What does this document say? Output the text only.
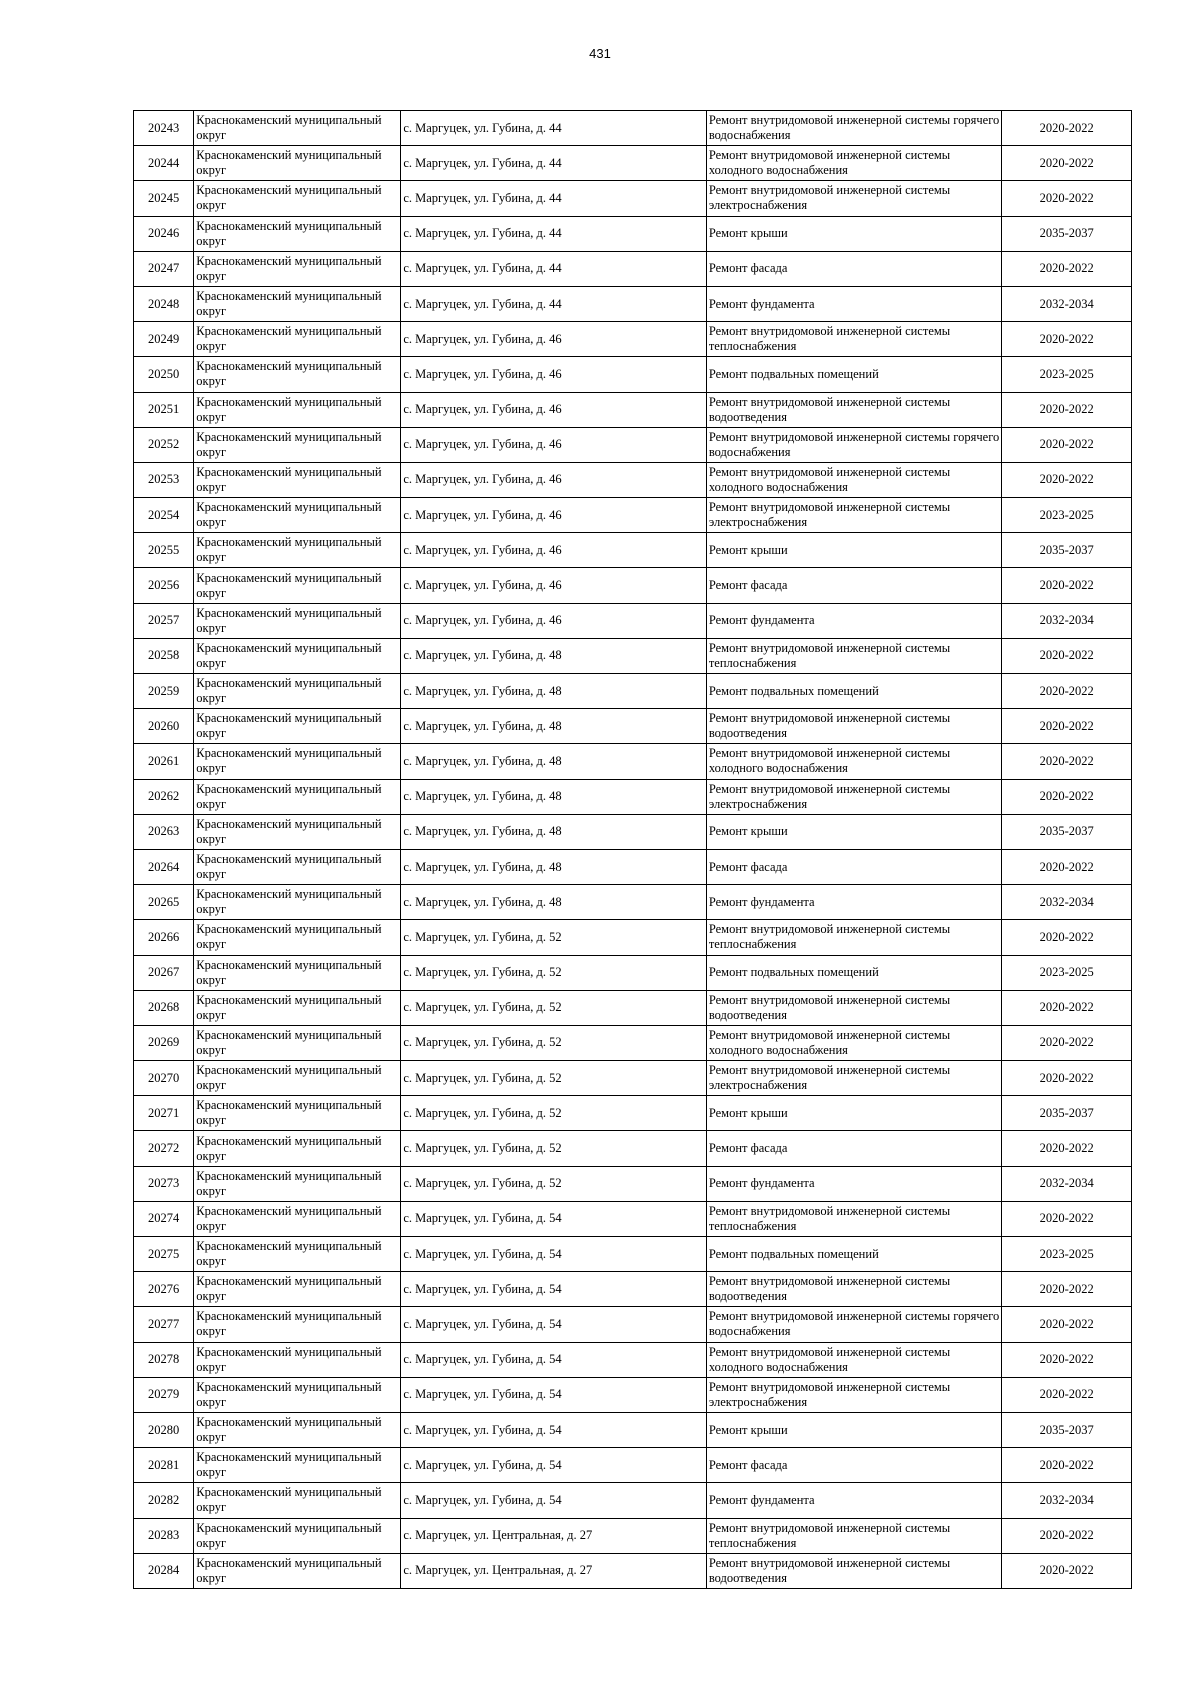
431
20243	Краснокаменский муниципальный округ	с. Маргуцек, ул. Губина, д. 44	Ремонт внутридомовой инженерной системы горячего водоснабжения	2020-2022
20244	Краснокаменский муниципальный округ	с. Маргуцек, ул. Губина, д. 44	Ремонт внутридомовой инженерной системы холодного водоснабжения	2020-2022
20245	Краснокаменский муниципальный округ	с. Маргуцек, ул. Губина, д. 44	Ремонт внутридомовой инженерной системы электроснабжения	2020-2022
20246	Краснокаменский муниципальный округ	с. Маргуцек, ул. Губина, д. 44	Ремонт крыши	2035-2037
20247	Краснокаменский муниципальный округ	с. Маргуцек, ул. Губина, д. 44	Ремонт фасада	2020-2022
20248	Краснокаменский муниципальный округ	с. Маргуцек, ул. Губина, д. 44	Ремонт фундамента	2032-2034
20249	Краснокаменский муниципальный округ	с. Маргуцек, ул. Губина, д. 46	Ремонт внутридомовой инженерной системы теплоснабжения	2020-2022
20250	Краснокаменский муниципальный округ	с. Маргуцек, ул. Губина, д. 46	Ремонт подвальных помещений	2023-2025
20251	Краснокаменский муниципальный округ	с. Маргуцек, ул. Губина, д. 46	Ремонт внутридомовой инженерной системы водоотведения	2020-2022
20252	Краснокаменский муниципальный округ	с. Маргуцек, ул. Губина, д. 46	Ремонт внутридомовой инженерной системы горячего водоснабжения	2020-2022
20253	Краснокаменский муниципальный округ	с. Маргуцек, ул. Губина, д. 46	Ремонт внутридомовой инженерной системы холодного водоснабжения	2020-2022
20254	Краснокаменский муниципальный округ	с. Маргуцек, ул. Губина, д. 46	Ремонт внутридомовой инженерной системы электроснабжения	2023-2025
20255	Краснокаменский муниципальный округ	с. Маргуцек, ул. Губина, д. 46	Ремонт крыши	2035-2037
20256	Краснокаменский муниципальный округ	с. Маргуцек, ул. Губина, д. 46	Ремонт фасада	2020-2022
20257	Краснокаменский муниципальный округ	с. Маргуцек, ул. Губина, д. 46	Ремонт фундамента	2032-2034
20258	Краснокаменский муниципальный округ	с. Маргуцек, ул. Губина, д. 48	Ремонт внутридомовой инженерной системы теплоснабжения	2020-2022
20259	Краснокаменский муниципальный округ	с. Маргуцек, ул. Губина, д. 48	Ремонт подвальных помещений	2020-2022
20260	Краснокаменский муниципальный округ	с. Маргуцек, ул. Губина, д. 48	Ремонт внутридомовой инженерной системы водоотведения	2020-2022
20261	Краснокаменский муниципальный округ	с. Маргуцек, ул. Губина, д. 48	Ремонт внутридомовой инженерной системы холодного водоснабжения	2020-2022
20262	Краснокаменский муниципальный округ	с. Маргуцек, ул. Губина, д. 48	Ремонт внутридомовой инженерной системы электроснабжения	2020-2022
20263	Краснокаменский муниципальный округ	с. Маргуцек, ул. Губина, д. 48	Ремонт крыши	2035-2037
20264	Краснокаменский муниципальный округ	с. Маргуцек, ул. Губина, д. 48	Ремонт фасада	2020-2022
20265	Краснокаменский муниципальный округ	с. Маргуцек, ул. Губина, д. 48	Ремонт фундамента	2032-2034
20266	Краснокаменский муниципальный округ	с. Маргуцек, ул. Губина, д. 52	Ремонт внутридомовой инженерной системы теплоснабжения	2020-2022
20267	Краснокаменский муниципальный округ	с. Маргуцек, ул. Губина, д. 52	Ремонт подвальных помещений	2023-2025
20268	Краснокаменский муниципальный округ	с. Маргуцек, ул. Губина, д. 52	Ремонт внутридомовой инженерной системы водоотведения	2020-2022
20269	Краснокаменский муниципальный округ	с. Маргуцек, ул. Губина, д. 52	Ремонт внутридомовой инженерной системы холодного водоснабжения	2020-2022
20270	Краснокаменский муниципальный округ	с. Маргуцек, ул. Губина, д. 52	Ремонт внутридомовой инженерной системы электроснабжения	2020-2022
20271	Краснокаменский муниципальный округ	с. Маргуцек, ул. Губина, д. 52	Ремонт крыши	2035-2037
20272	Краснокаменский муниципальный округ	с. Маргуцек, ул. Губина, д. 52	Ремонт фасада	2020-2022
20273	Краснокаменский муниципальный округ	с. Маргуцек, ул. Губина, д. 52	Ремонт фундамента	2032-2034
20274	Краснокаменский муниципальный округ	с. Маргуцек, ул. Губина, д. 54	Ремонт внутридомовой инженерной системы теплоснабжения	2020-2022
20275	Краснокаменский муниципальный округ	с. Маргуцек, ул. Губина, д. 54	Ремонт подвальных помещений	2023-2025
20276	Краснокаменский муниципальный округ	с. Маргуцек, ул. Губина, д. 54	Ремонт внутридомовой инженерной системы водоотведения	2020-2022
20277	Краснокаменский муниципальный округ	с. Маргуцек, ул. Губина, д. 54	Ремонт внутридомовой инженерной системы горячего водоснабжения	2020-2022
20278	Краснокаменский муниципальный округ	с. Маргуцек, ул. Губина, д. 54	Ремонт внутридомовой инженерной системы холодного водоснабжения	2020-2022
20279	Краснокаменский муниципальный округ	с. Маргуцек, ул. Губина, д. 54	Ремонт внутридомовой инженерной системы электроснабжения	2020-2022
20280	Краснокаменский муниципальный округ	с. Маргуцек, ул. Губина, д. 54	Ремонт крыши	2035-2037
20281	Краснокаменский муниципальный округ	с. Маргуцек, ул. Губина, д. 54	Ремонт фасада	2020-2022
20282	Краснокаменский муниципальный округ	с. Маргуцек, ул. Губина, д. 54	Ремонт фундамента	2032-2034
20283	Краснокаменский муниципальный округ	с. Маргуцек, ул. Центральная, д. 27	Ремонт внутридомовой инженерной системы теплоснабжения	2020-2022
20284	Краснокаменский муниципальный округ	с. Маргуцек, ул. Центральная, д. 27	Ремонт внутридомовой инженерной системы водоотведения	2020-2022
